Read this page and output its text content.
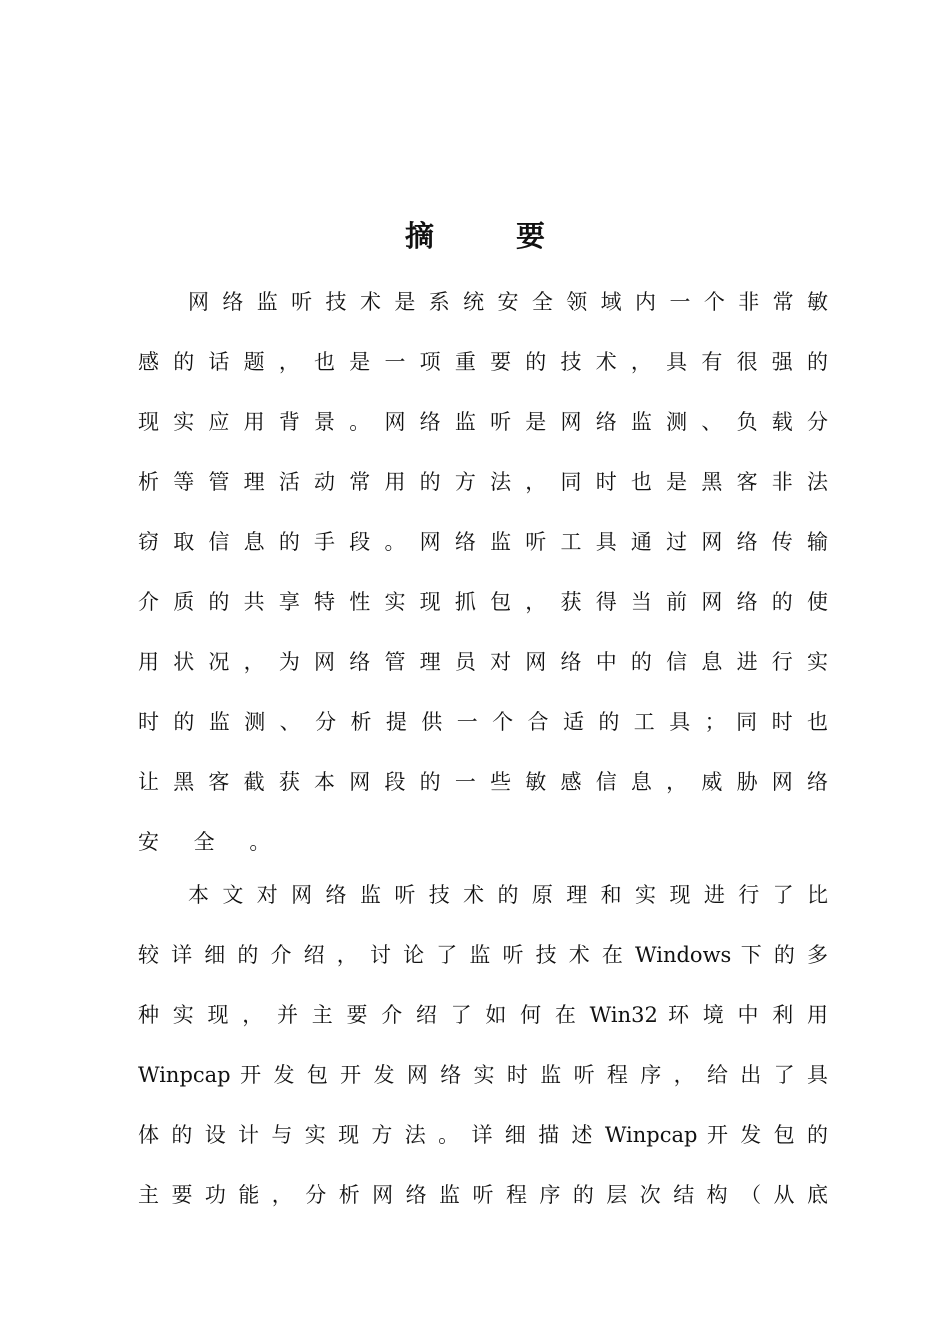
摘 要
网 络 监 听 技 术 是 系 统 安 全 领 域 内 一 个 非 常 敏
感 的 话 题 ， 也 是 一 项 重 要 的 技 术 ， 具 有 很 强 的
现 实 应 用 背 景 。 网 络 监 听 是 网 络 监 测 、 负 载 分
析 等 管 理 活 动 常 用 的 方 法 ， 同 时 也 是 黑 客 非 法
窃 取 信 息 的 手 段 。 网 络 监 听 工 具 通 过 网 络 传 输
介 质 的 共 享 特 性 实 现 抓 包 ， 获 得 当 前 网 络 的 使
用 状 况 ， 为 网 络 管 理 员 对 网 络 中 的 信 息 进 行 实
时 的 监 测 、 分 析 提 供 一 个 合 适 的 工 具 ； 同 时 也
让 黑 客 截 获 本 网 段 的 一 些 敏 感 信 息 ， 威 胁 网 络
安 全 。
本 文 对 网 络 监 听 技 术 的 原 理 和 实 现 进 行 了 比
较 详 细 的 介 绍 ， 讨 论 了 监 听 技 术 在 Windows 下 的 多
种 实 现 ， 并 主 要 介 绍 了 如 何 在 Win32 环 境 中 利 用
Winpcap 开 发 包 开 发 网 络 实 时 监 听 程 序 ， 给 出 了 具
体 的 设 计 与 实 现 方 法 。 详 细 描 述 Winpcap 开 发 包 的
主 要 功 能 ， 分 析 网 络 监 听 程 序 的 层 次 结 构 （ 从 底
